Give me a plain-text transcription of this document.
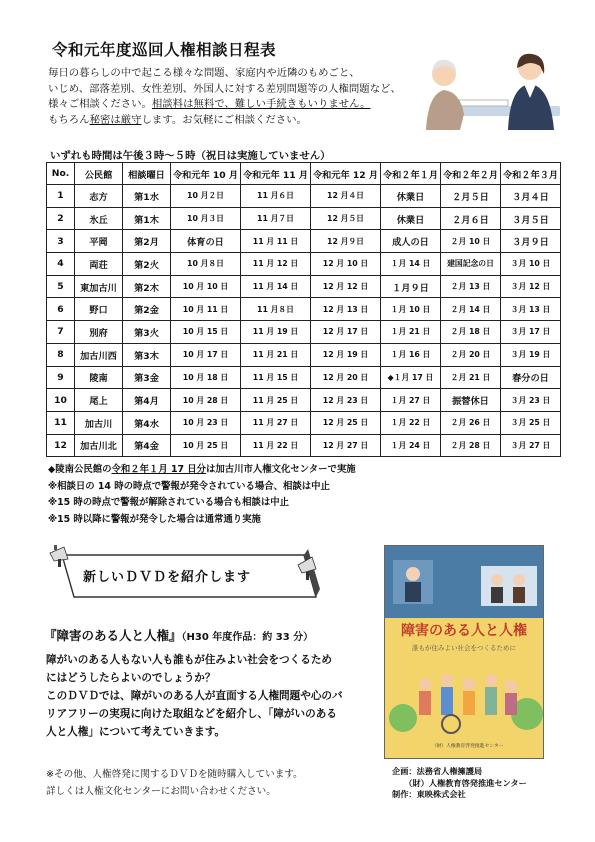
令和元年度巡回人権相談日程表

毎日の暮らしの中で起こる様々な問題、家庭内や近隣のもめごと、

いじめ、部落差別、女性差別、外国人に対する差別問題等の人権問題など、

様々ご相談ください。相談料は無料で、難しい手続きもいりません。

もちろん秘密は厳守します。お気軽にご相談ください。

いずれも時間は午後３時～５時（祝日は実施していません）
No.	公民館	相談曜日	令和元年 10 月	令和元年 11 月	令和元年 12 月	令和２年１月	令和２年２月	令和２年３月
1	志方	第1水	10 月２日	11 月６日	12 月４日	休業日	２月５日	３月４日
2	氷丘	第1木	10 月３日	11 月７日	12 月５日	休業日	２月６日	３月５日
3	平岡	第2月	体育の日	11 月 11 日	12 月９日	成人の日	２月 10 日	３月９日
4	両荘	第2火	10 月８日	11 月 12 日	12 月 10 日	１月 14 日	建国記念の日	３月 10 日
5	東加古川	第2木	10 月 10 日	11 月 14 日	12 月 12 日	１月９日	２月 13 日	３月 12 日
6	野口	第2金	10 月 11 日	11 月８日	12 月 13 日	１月 10 日	２月 14 日	３月 13 日
7	別府	第3火	10 月 15 日	11 月 19 日	12 月 17 日	１月 21 日	２月 18 日	３月 17 日
8	加古川西	第3木	10 月 17 日	11 月 21 日	12 月 19 日	１月 16 日	２月 20 日	３月 19 日
9	陵南	第3金	10 月 18 日	11 月 15 日	12 月 20 日	◆１月 17 日	２月 21 日	春分の日
10	尾上	第4月	10 月 28 日	11 月 25 日	12 月 23 日	１月 27 日	振替休日	３月 23 日
11	加古川	第4水	10 月 23 日	11 月 27 日	12 月 25 日	１月 22 日	２月 26 日	３月 25 日
12	加古川北	第4金	10 月 25 日	11 月 22 日	12 月 27 日	１月 24 日	２月 28 日	３月 27 日

◆陵南公民館の令和２年１月 17 日分は加古川市人権文化センターで実施

※相談日の 14 時の時点で警報が発令されている場合、相談は中止

※15 時の時点で警報が解除されている場合も相談は中止

※15 時以降に警報が発令した場合は通常通り実施

新しいＤＶＤを紹介します
『障害のある人と人権』（H30 年度作品：約 33 分）

障がいのある人もない人も誰もが住みよい社会をつくるため

にはどうしたらよいのでしょうか？

このＤＶＤでは、障がいのある人が直面する人権問題や心のバ

リアフリーの実現に向けた取組などを紹介し、「障がいのある

人と人権」について考えていきます。

※その他、人権啓発に関するＤＶＤを随時購入しています。

詳しくは人権文化センターにお問い合わせください。

障害のある人と人権
誰もが住みよい社会をつくるために
　　（財）人権教育啓発推進センター

企画：法務省人権擁護局

　　（財）人権教育啓発推進センター

制作：東映株式会社
